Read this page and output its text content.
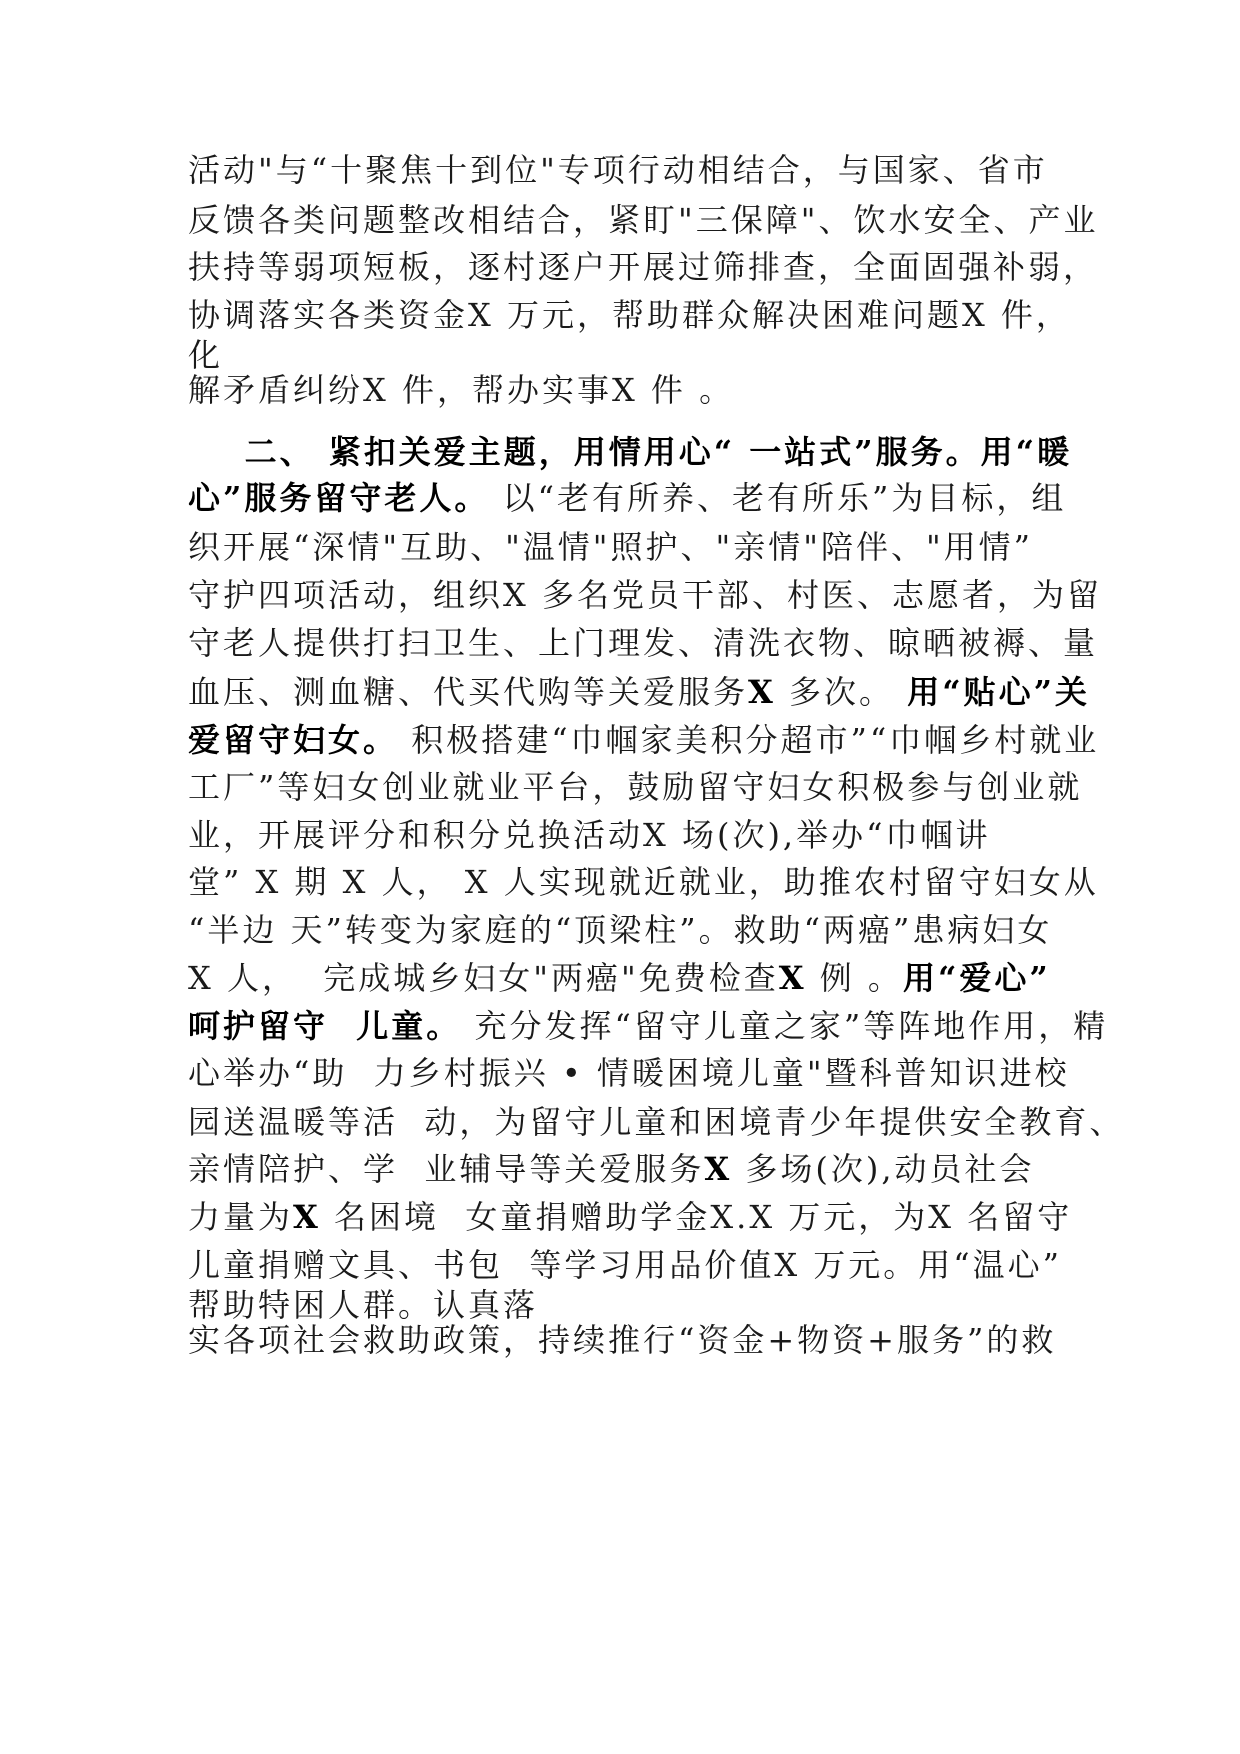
活动"与“十聚焦十到位"专项行动相结合，与国家、省市
反馈各类问题整改相结合，紧盯"三保障"、饮水安全、产业
扶持等弱项短板，逐村逐户开展过筛排查，全面固强补弱，
协调落实各类资金X 万元，帮助群众解决困难问题X 件，
化
解矛盾纠纷X 件，帮办实事X 件 。
二、 紧扣关爱主题，用情用心“ 一站式”服务。用“暖
心”服务留守老人。 以“老有所养、老有所乐”为目标，组
织开展“深情"互助、"温情"照护、"亲情"陪伴、"用情”
守护四项活动，组织X 多名党员干部、村医、志愿者，为留
守老人提供打扫卫生、上门理发、清洗衣物、晾晒被褥、量
血压、测血糖、代买代购等关爱服务X 多次。 用“贴心”关
爱留守妇女。 积极搭建“巾帼家美积分超市”“巾帼乡村就业
工厂”等妇女创业就业平台，鼓励留守妇女积极参与创业就
业，开展评分和积分兑换活动X 场(次),举办“巾帼讲
堂” X 期 X 人， X 人实现就近就业，助推农村留守妇女从
“半边 天”转变为家庭的“顶梁柱”。救助“两癌”患病妇女
X 人，  完成城乡妇女"两癌"免费检查X 例 。用“爱心”
呵护留守  儿童。 充分发挥“留守儿童之家”等阵地作用，精
心举办“助  力乡村振兴 • 情暖困境儿童"暨科普知识进校
园送温暖等活  动，为留守儿童和困境青少年提供安全教育、
亲情陪护、学  业辅导等关爱服务X 多场(次),动员社会
力量为X 名困境  女童捐赠助学金X.X 万元，为X 名留守
儿童捐赠文具、书包  等学习用品价值X 万元。用“温心”
帮助特困人群。认真落
实各项社会救助政策，持续推行“资金+物资+服务”的救
